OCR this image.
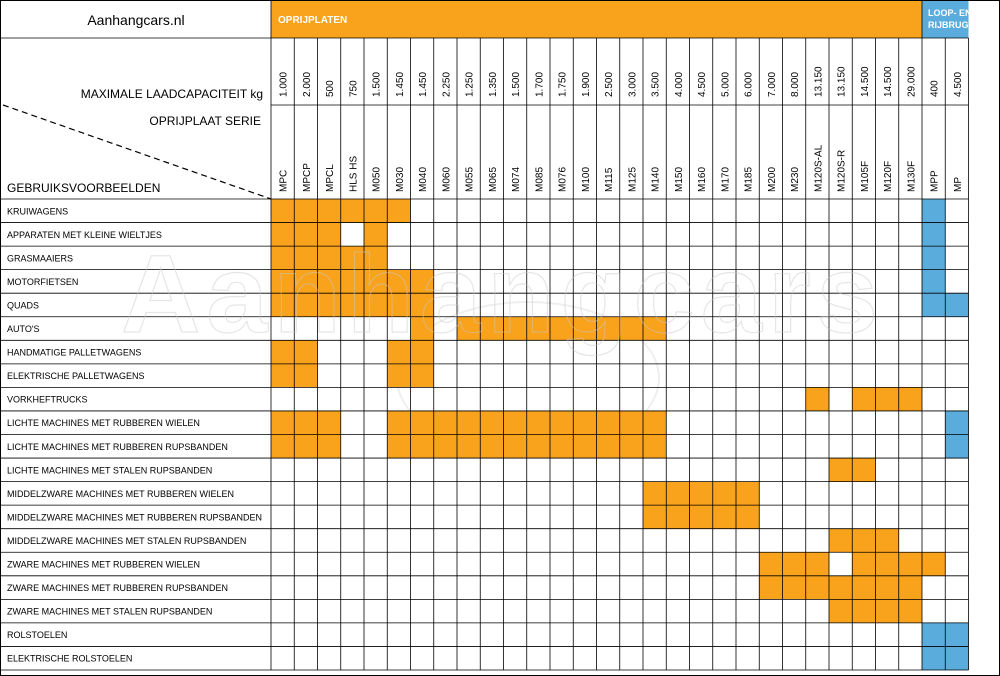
OPRIJPLATEN
LOOP- EN
RIJBRUGGEN
Aanhangcars.nl
MAXIMALE LAADCAPACITEIT kg
OPRIJPLAAT SERIE
GEBRUIKSVOORBEELDEN
KRUIWAGENS
APPARATEN MET KLEINE WIELTJES
GRASMAAIERS
MOTORFIETSEN
QUADS
AUTO'S
HANDMATIGE PALLETWAGENS
ELEKTRISCHE PALLETWAGENS
VORKHEFTRUCKS
LICHTE MACHINES MET RUBBEREN WIELEN
LICHTE MACHINES MET RUBBEREN RUPSBANDEN
LICHTE MACHINES MET STALEN RUPSBANDEN
MIDDELZWARE MACHINES MET RUBBEREN WIELEN
MIDDELZWARE MACHINES MET RUBBEREN RUPSBANDEN
MIDDELZWARE MACHINES MET STALEN RUPSBANDEN
ZWARE MACHINES MET RUBBEREN WIELEN
ZWARE MACHINES MET RUBBEREN RUPSBANDEN
ZWARE MACHINES MET STALEN RUPSBANDEN
ROLSTOELEN
ELEKTRISCHE ROLSTOELEN
1.000
MPC
2.000
MPCP
500
MPCL
750
HLS HS
1.500
M050
1.450
M030
1.450
M040
2.250
M060
1.250
M055
1.350
M065
1.500
M074
1.700
M085
1.750
M076
1.900
M100
2.500
M115
3.000
M125
3.500
M140
4.000
M150
4.500
M160
5.000
M170
6.000
M185
7.000
M200
8.000
M230
13.150
M120S-AL
13.150
M120S-R
14.500
M105F
14.500
M120F
29.000
M130F
400
MPP
4.500
MP
Aanhangcars
